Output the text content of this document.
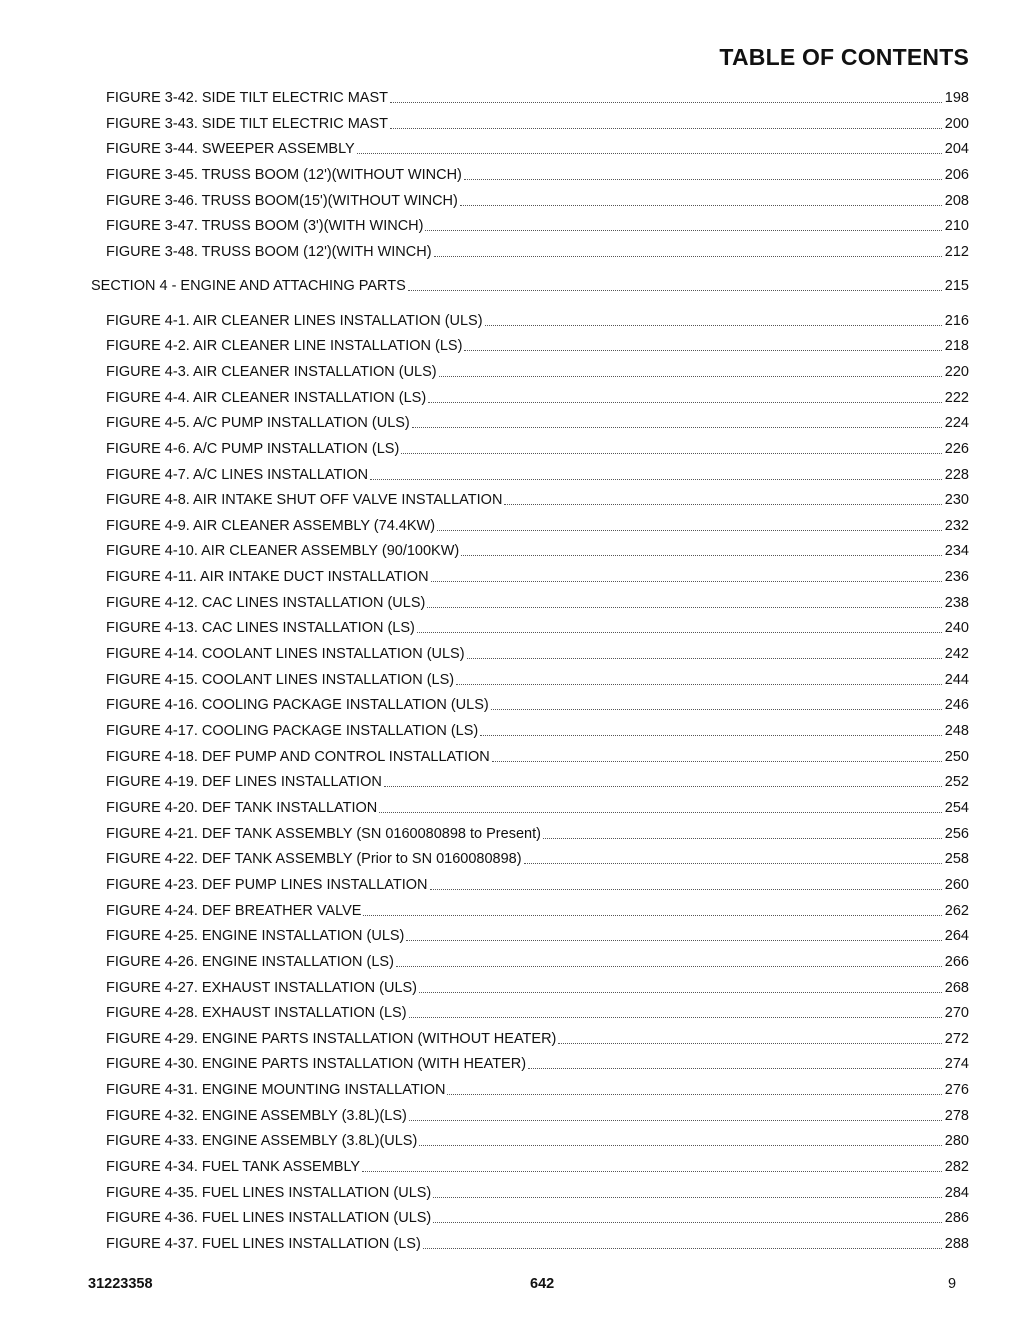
TABLE OF CONTENTS
FIGURE 3-42. SIDE TILT ELECTRIC MAST	198
FIGURE 3-43. SIDE TILT ELECTRIC MAST	200
FIGURE 3-44. SWEEPER ASSEMBLY	204
FIGURE 3-45. TRUSS BOOM (12')(WITHOUT WINCH)	206
FIGURE 3-46. TRUSS BOOM(15')(WITHOUT WINCH)	208
FIGURE 3-47. TRUSS BOOM (3')(WITH WINCH)	210
FIGURE 3-48. TRUSS BOOM (12')(WITH WINCH)	212
SECTION 4 - ENGINE AND ATTACHING PARTS	215
FIGURE 4-1. AIR CLEANER LINES INSTALLATION (ULS)	216
FIGURE 4-2. AIR CLEANER LINE INSTALLATION (LS)	218
FIGURE 4-3. AIR CLEANER INSTALLATION (ULS)	220
FIGURE 4-4. AIR CLEANER INSTALLATION (LS)	222
FIGURE 4-5. A/C PUMP INSTALLATION (ULS)	224
FIGURE 4-6. A/C PUMP INSTALLATION (LS)	226
FIGURE 4-7. A/C LINES INSTALLATION	228
FIGURE 4-8. AIR INTAKE SHUT OFF VALVE INSTALLATION	230
FIGURE 4-9. AIR CLEANER ASSEMBLY (74.4KW)	232
FIGURE 4-10. AIR CLEANER ASSEMBLY (90/100KW)	234
FIGURE 4-11. AIR INTAKE DUCT INSTALLATION	236
FIGURE 4-12. CAC LINES INSTALLATION (ULS)	238
FIGURE 4-13. CAC LINES INSTALLATION (LS)	240
FIGURE 4-14. COOLANT LINES INSTALLATION (ULS)	242
FIGURE 4-15. COOLANT LINES INSTALLATION (LS)	244
FIGURE 4-16. COOLING PACKAGE INSTALLATION (ULS)	246
FIGURE 4-17. COOLING PACKAGE INSTALLATION (LS)	248
FIGURE 4-18. DEF PUMP AND CONTROL INSTALLATION	250
FIGURE 4-19. DEF LINES INSTALLATION	252
FIGURE 4-20. DEF TANK INSTALLATION	254
FIGURE 4-21. DEF TANK ASSEMBLY (SN 0160080898 to Present)	256
FIGURE 4-22. DEF TANK ASSEMBLY (Prior to SN 0160080898)	258
FIGURE 4-23. DEF PUMP LINES INSTALLATION	260
FIGURE 4-24. DEF BREATHER VALVE	262
FIGURE 4-25. ENGINE INSTALLATION (ULS)	264
FIGURE 4-26. ENGINE INSTALLATION (LS)	266
FIGURE 4-27. EXHAUST INSTALLATION (ULS)	268
FIGURE 4-28. EXHAUST INSTALLATION (LS)	270
FIGURE 4-29. ENGINE PARTS INSTALLATION (WITHOUT HEATER)	272
FIGURE 4-30. ENGINE PARTS INSTALLATION (WITH HEATER)	274
FIGURE 4-31. ENGINE MOUNTING INSTALLATION	276
FIGURE 4-32. ENGINE ASSEMBLY (3.8L)(LS)	278
FIGURE 4-33. ENGINE ASSEMBLY (3.8L)(ULS)	280
FIGURE 4-34. FUEL TANK ASSEMBLY	282
FIGURE 4-35. FUEL LINES INSTALLATION (ULS)	284
FIGURE 4-36. FUEL LINES INSTALLATION (ULS)	286
FIGURE 4-37. FUEL LINES INSTALLATION (LS)	288
31223358	642	9
